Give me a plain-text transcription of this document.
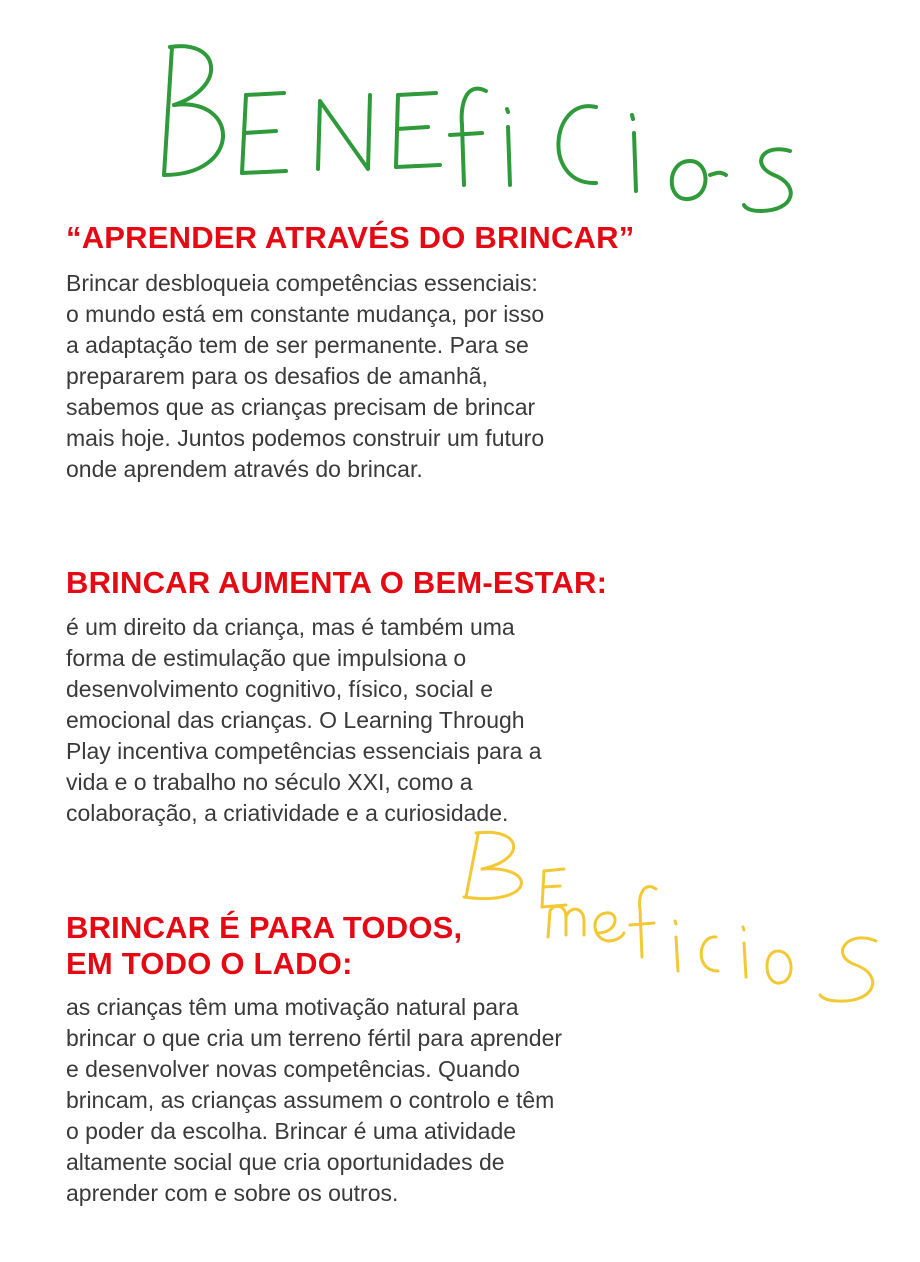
“APRENDER ATRAVÉS DO BRINCAR”

Brincar desbloqueia competências essenciais:
o mundo está em constante mudança, por isso
a adaptação tem de ser permanente. Para se
prepararem para os desafios de amanhã,
sabemos que as crianças precisam de brincar
mais hoje. Juntos podemos construir um futuro
onde aprendem através do brincar.

BRINCAR AUMENTA O BEM-ESTAR:

é um direito da criança, mas é também uma
forma de estimulação que impulsiona o
desenvolvimento cognitivo, físico, social e
emocional das crianças. O Learning Through
Play incentiva competências essenciais para a
vida e o trabalho no século XXI, como a
colaboração, a criatividade e a curiosidade.

BRINCAR É PARA TODOS,
EM TODO O LADO:

as crianças têm uma motivação natural para
brincar o que cria um terreno fértil para aprender
e desenvolver novas competências. Quando
brincam, as crianças assumem o controlo e têm
o poder da escolha. Brincar é uma atividade
altamente social que cria oportunidades de
aprender com e sobre os outros.
